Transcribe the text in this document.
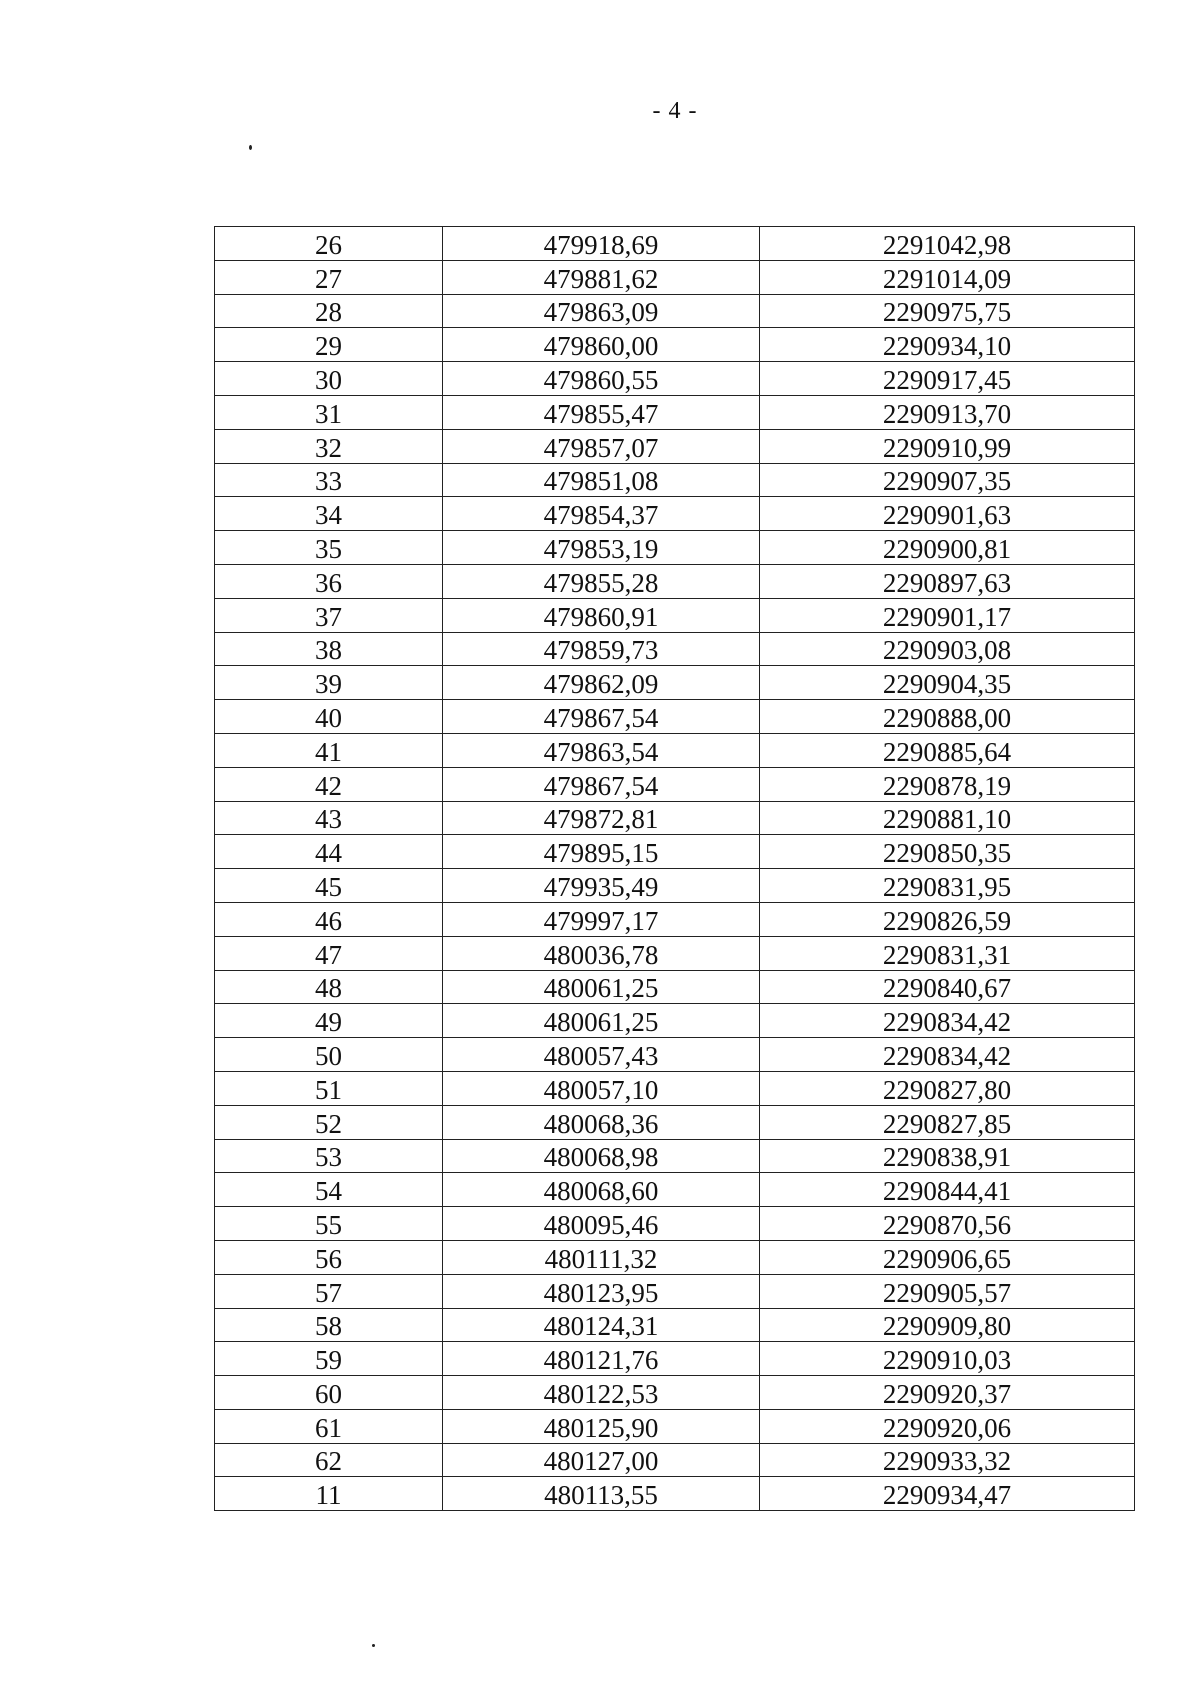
- 4 -
26	479918,69	2291042,98
27	479881,62	2291014,09
28	479863,09	2290975,75
29	479860,00	2290934,10
30	479860,55	2290917,45
31	479855,47	2290913,70
32	479857,07	2290910,99
33	479851,08	2290907,35
34	479854,37	2290901,63
35	479853,19	2290900,81
36	479855,28	2290897,63
37	479860,91	2290901,17
38	479859,73	2290903,08
39	479862,09	2290904,35
40	479867,54	2290888,00
41	479863,54	2290885,64
42	479867,54	2290878,19
43	479872,81	2290881,10
44	479895,15	2290850,35
45	479935,49	2290831,95
46	479997,17	2290826,59
47	480036,78	2290831,31
48	480061,25	2290840,67
49	480061,25	2290834,42
50	480057,43	2290834,42
51	480057,10	2290827,80
52	480068,36	2290827,85
53	480068,98	2290838,91
54	480068,60	2290844,41
55	480095,46	2290870,56
56	480111,32	2290906,65
57	480123,95	2290905,57
58	480124,31	2290909,80
59	480121,76	2290910,03
60	480122,53	2290920,37
61	480125,90	2290920,06
62	480127,00	2290933,32
11	480113,55	2290934,47
